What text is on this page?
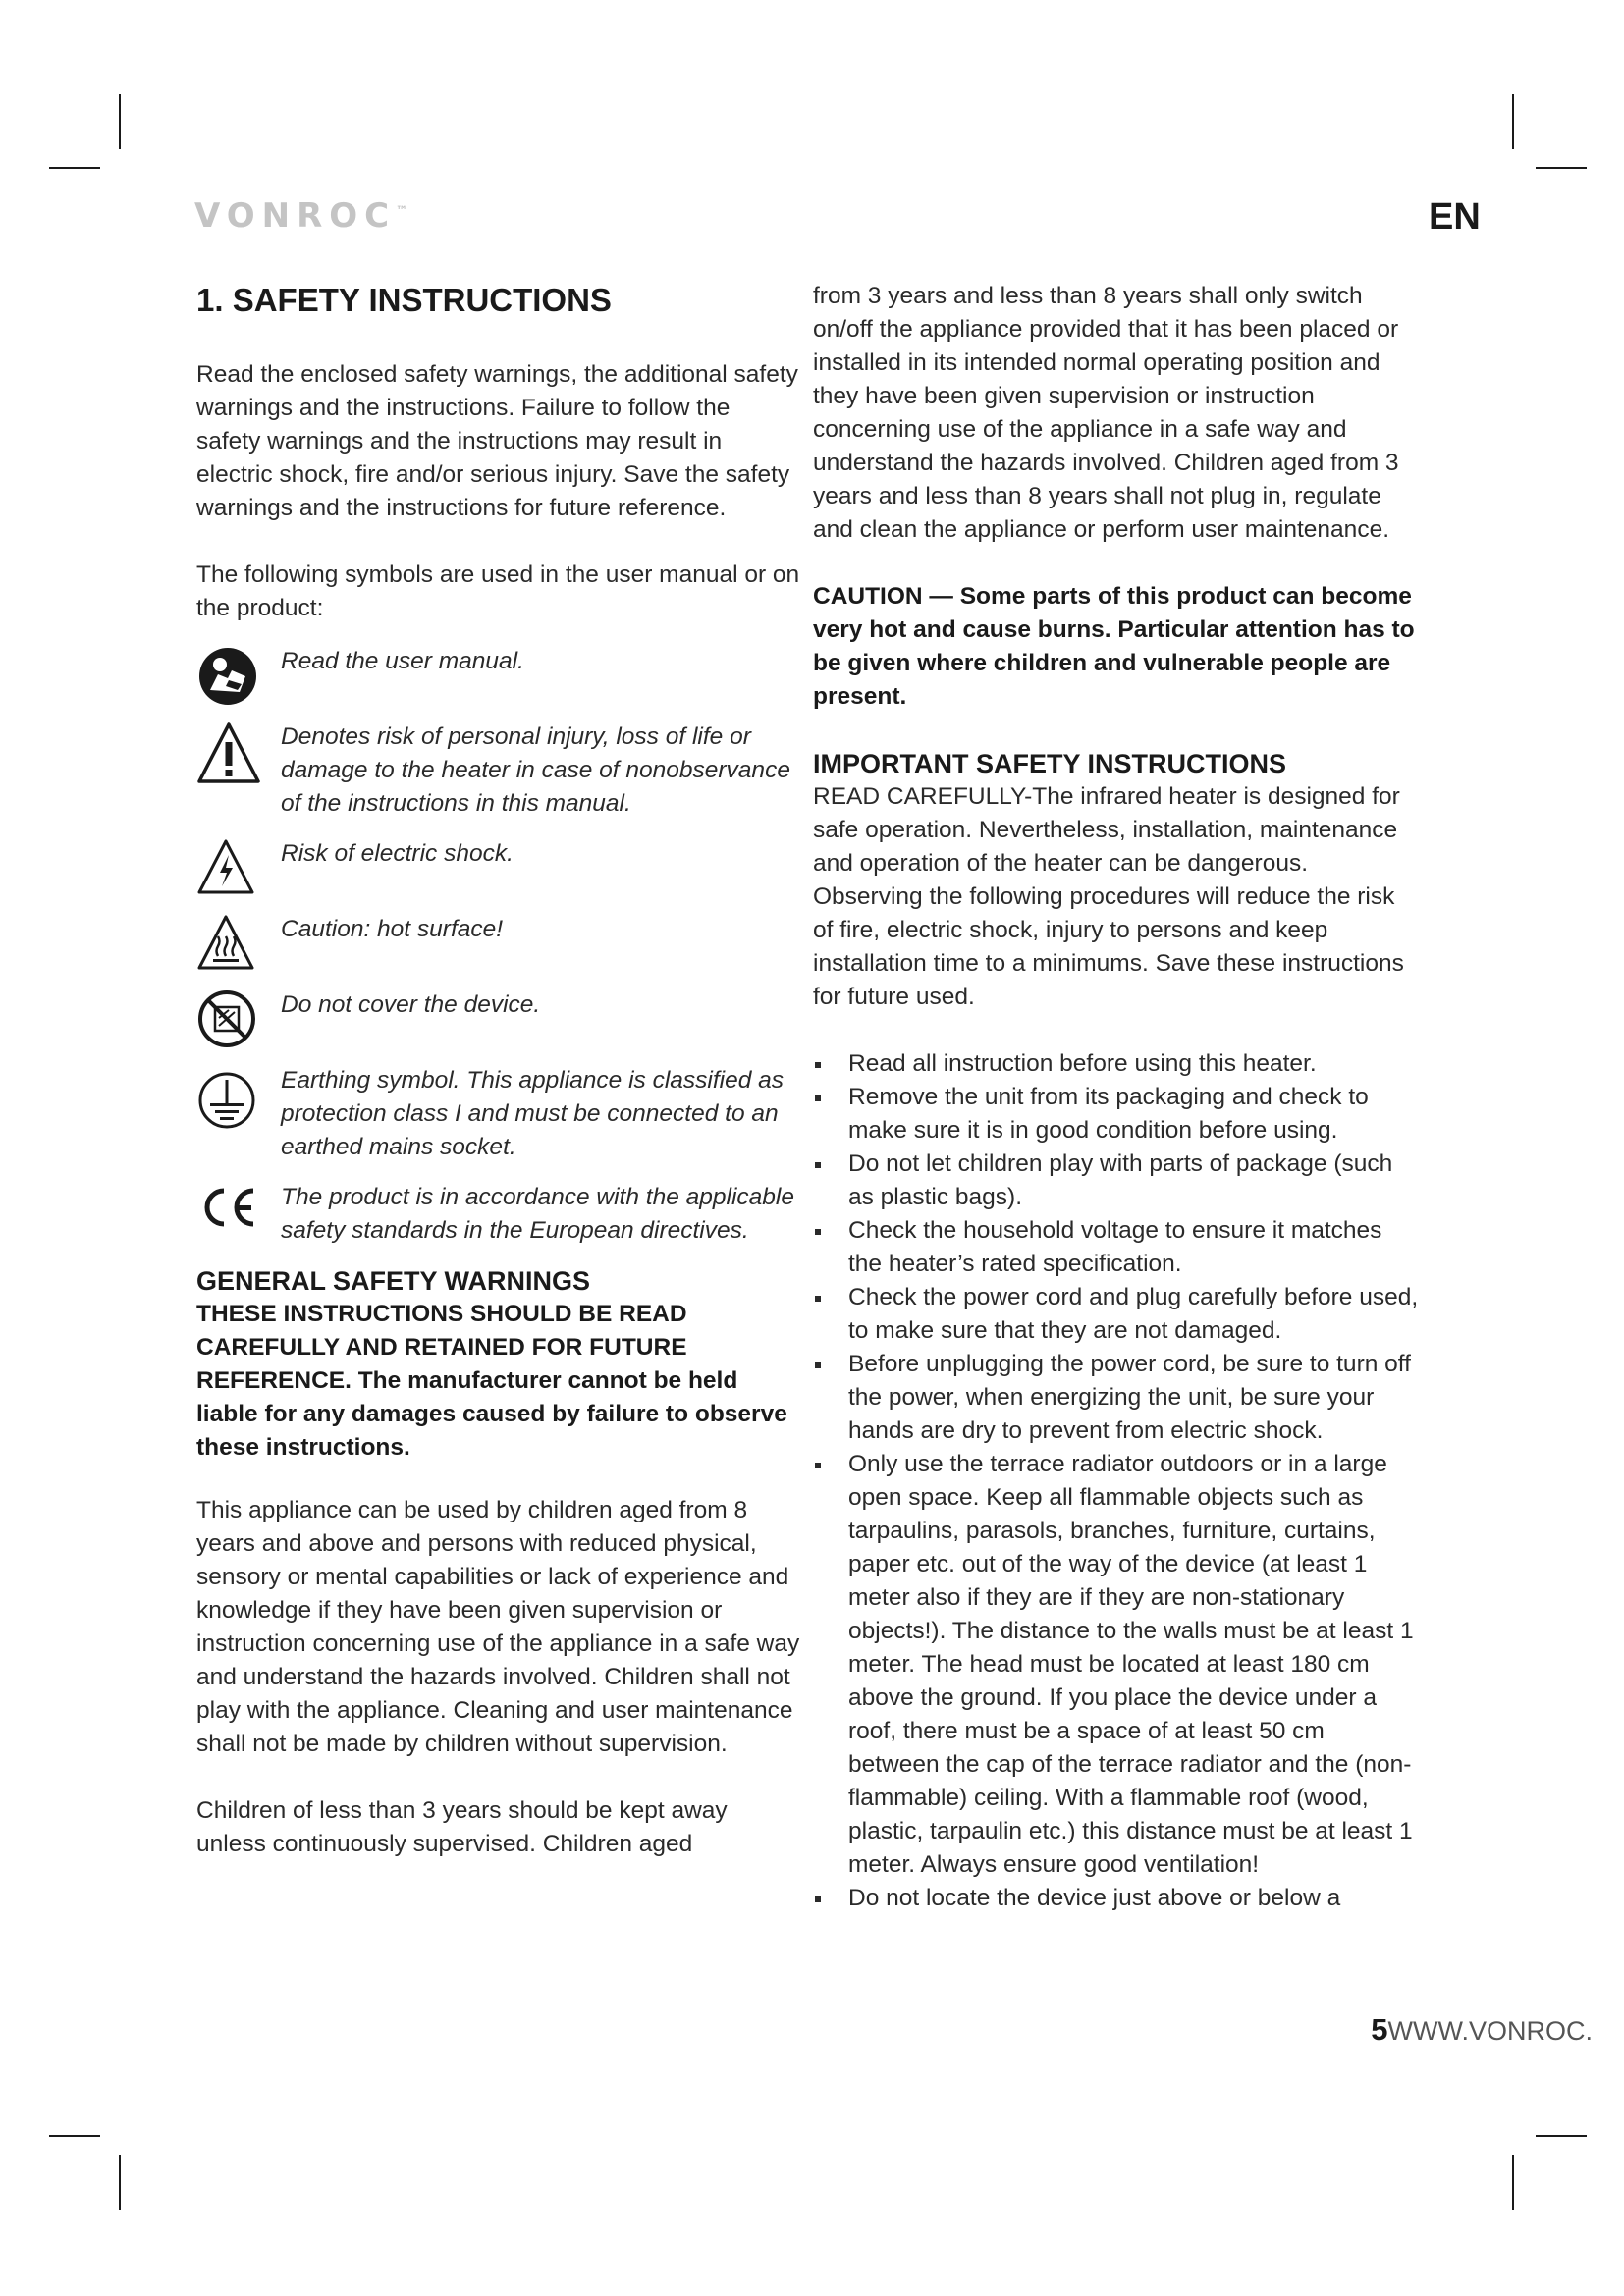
VONROC™	EN
1. SAFETY INSTRUCTIONS

Read the enclosed safety warnings, the additional safety warnings and the instructions. Failure to follow the safety warnings and the instructions may result in electric shock, fire and/or serious injury. Save the safety warnings and the instructions for future reference.

The following symbols are used in the user manual or on the product:

Read the user manual.
Denotes risk of personal injury, loss of life or damage to the heater in case of nonobservance of the instructions in this manual.
Risk of electric shock.
Caution: hot surface!
Do not cover the device.
Earthing symbol. This appliance is classified as protection class I and must be connected to an earthed mains socket.
The product is in accordance with the applicable safety standards in the European directives.
GENERAL SAFETY WARNINGS

THESE INSTRUCTIONS SHOULD BE READ CAREFULLY AND RETAINED FOR FUTURE REFERENCE. The manufacturer cannot be held liable for any damages caused by failure to observe these instructions.

This appliance can be used by children aged from 8 years and above and persons with reduced physical, sensory or mental capabilities or lack of experience and knowledge if they have been given supervision or instruction concerning use of the appliance in a safe way and understand the hazards involved. Children shall not play with the appliance. Cleaning and user maintenance shall not be made by children without supervision.

Children of less than 3 years should be kept away unless continuously supervised. Children aged

from 3 years and less than 8 years shall only switch on/off the appliance provided that it has been placed or installed in its intended normal operating position and they have been given supervision or instruction concerning use of the appliance in a safe way and understand the hazards involved. Children aged from 3 years and less than 8 years shall not plug in, regulate and clean the appliance or perform user maintenance.

CAUTION — Some parts of this product can become very hot and cause burns. Particular attention has to be given where children and vulnerable people are present.

IMPORTANT SAFETY INSTRUCTIONS

READ CAREFULLY-The infrared heater is designed for safe operation. Nevertheless, installation, maintenance and operation of the heater can be dangerous. Observing the following procedures will reduce the risk of fire, electric shock, injury to persons and keep installation time to a minimums. Save these instructions for future used.

Read all instruction before using this heater.
Remove the unit from its packaging and check to make sure it is in good condition before using.
Do not let children play with parts of package (such as plastic bags).
Check the household voltage to ensure it matches the heater’s rated specification.
Check the power cord and plug carefully before used, to make sure that they are not damaged.
Before unplugging the power cord, be sure to turn off the power, when energizing the unit, be sure your hands are dry to prevent from electric shock.
Only use the terrace radiator outdoors or in a large open space. Keep all flammable objects such as tarpaulins, parasols, branches, furniture, curtains, paper etc. out of the way of the device (at least 1 meter also if they are if they are non-stationary objects!). The distance to the walls must be at least 1 meter. The head must be located at least 180 cm above the ground. If you place the device under a roof, there must be a space of at least 50 cm between the cap of the terrace radiator and the (non-flammable) ceiling. With a flammable roof (wood, plastic, tarpaulin etc.) this distance must be at least 1 meter. Always ensure good ventilation!
Do not locate the device just above or below a
5WWW.VONROC.
